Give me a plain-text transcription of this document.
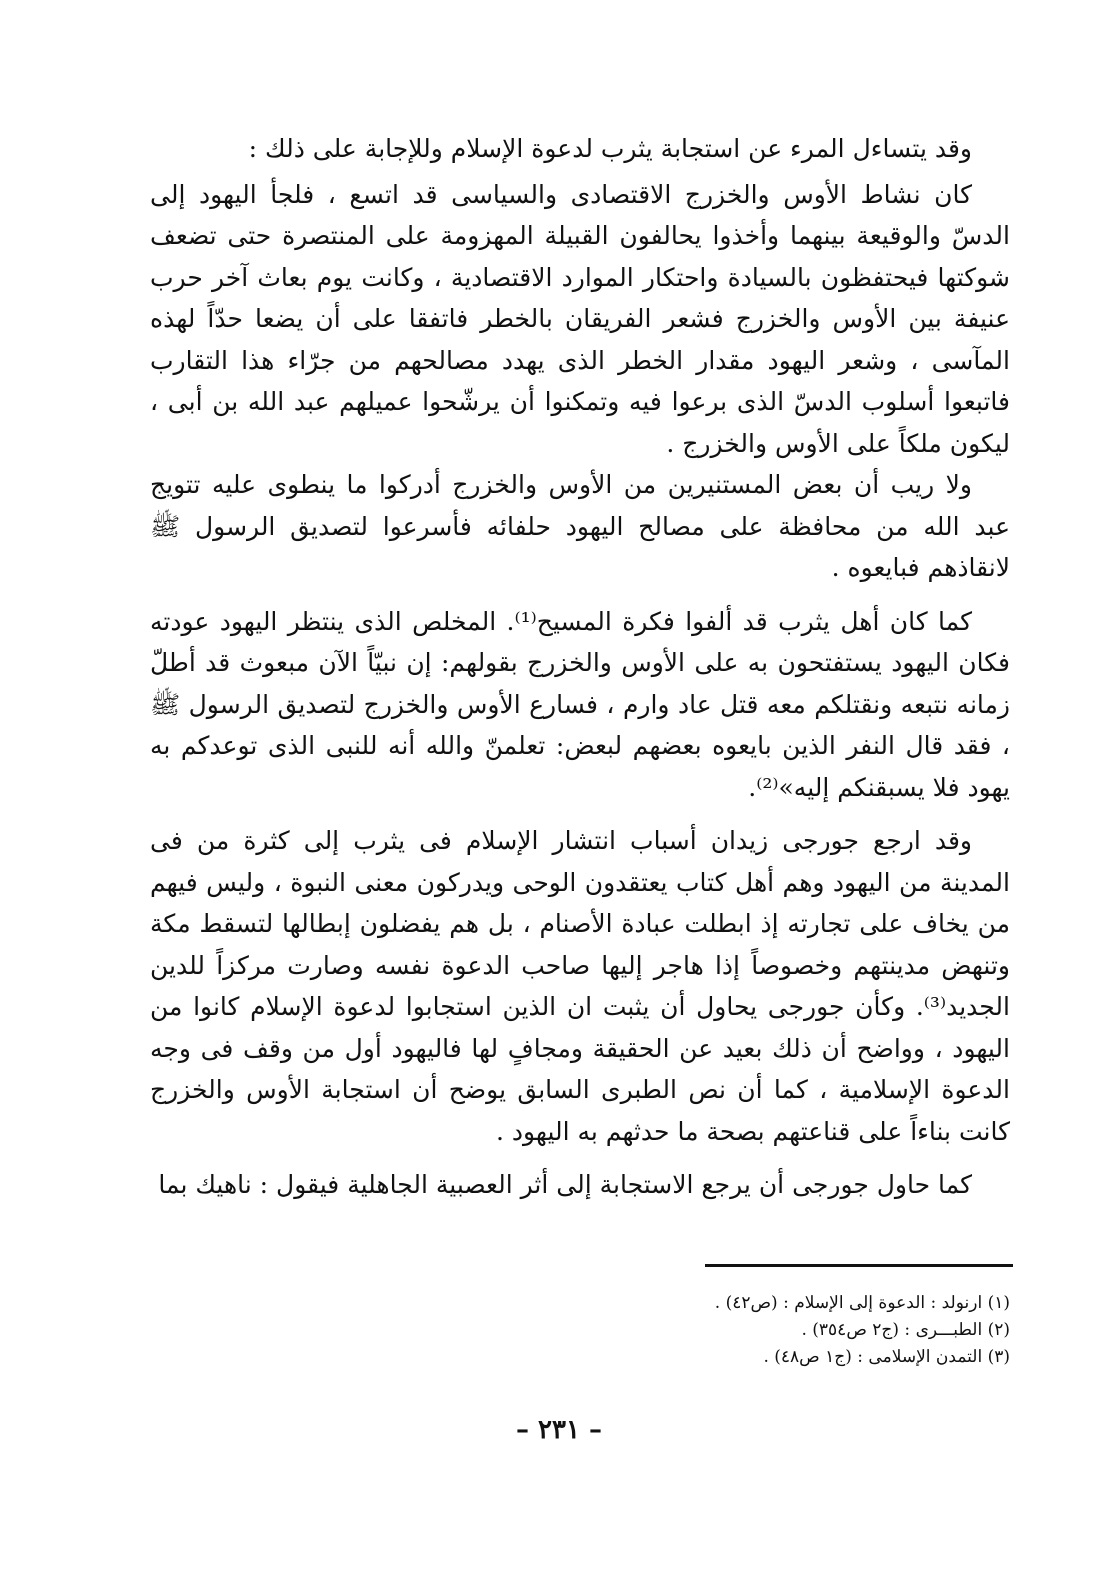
وقد يتساءل المرء عن استجابة يثرب لدعوة الإسلام وللإجابة على ذلك :

كان نشاط الأوس والخزرج الاقتصادى والسياسى قد اتسع ، فلجأ اليهود إلى الدسّ والوقيعة بينهما وأخذوا يحالفون القبيلة المهزومة على المنتصرة حتى تضعف شوكتها فيحتفظون بالسيادة واحتكار الموارد الاقتصادية ، وكانت يوم بعاث آخر حرب عنيفة بين الأوس والخزرج فشعر الفريقان بالخطر فاتفقا على أن يضعا حدّاً لهذه المآسى ، وشعر اليهود مقدار الخطر الذى يهدد مصالحهم من جرّاء هذا التقارب فاتبعوا أسلوب الدسّ الذى برعوا فيه وتمكنوا أن يرشّحوا عميلهم عبد الله بن أبى ، ليكون ملكاً على الأوس والخزرج .

ولا ريب أن بعض المستنيرين من الأوس والخزرج أدركوا ما ينطوى عليه تتويج عبد الله من محافظة على مصالح اليهود حلفائه فأسرعوا لتصديق الرسول ﷺ لانقاذهم فبايعوه .

كما كان أهل يثرب قد ألفوا فكرة المسيح⁽¹⁾. المخلص الذى ينتظر اليهود عودته فكان اليهود يستفتحون به على الأوس والخزرج بقولهم: إن نبيّاً الآن مبعوث قد أطلّ زمانه نتبعه ونقتلكم معه قتل عاد وارم ، فسارع الأوس والخزرج لتصديق الرسول ﷺ ، فقد قال النفر الذين بايعوه بعضهم لبعض: تعلمنّ والله أنه للنبى الذى توعدكم به يهود فلا يسبقنكم إليه»⁽²⁾.

وقد ارجع جورجى زيدان أسباب انتشار الإسلام فى يثرب إلى كثرة من فى المدينة من اليهود وهم أهل كتاب يعتقدون الوحى ويدركون معنى النبوة ، وليس فيهم من يخاف على تجارته إذ ابطلت عبادة الأصنام ، بل هم يفضلون إبطالها لتسقط مكة وتنهض مدينتهم وخصوصاً إذا هاجر إليها صاحب الدعوة نفسه وصارت مركزاً للدين الجديد⁽³⁾. وكأن جورجى يحاول أن يثبت ان الذين استجابوا لدعوة الإسلام كانوا من اليهود ، وواضح أن ذلك بعيد عن الحقيقة ومجافٍ لها فاليهود أول من وقف فى وجه الدعوة الإسلامية ، كما أن نص الطبرى السابق يوضح أن استجابة الأوس والخزرج كانت بناءاً على قناعتهم بصحة ما حدثهم به اليهود .

كما حاول جورجى أن يرجع الاستجابة إلى أثر العصبية الجاهلية فيقول : ناهيك بما

(١) ارنولد : الدعوة إلى الإسلام : (ص٤٢) .

(٢) الطبـــرى : (ج٢ ص٣٥٤) .

(٣) التمدن الإسلامى : (ج١ ص٤٨) .

– ٢٣١ –
